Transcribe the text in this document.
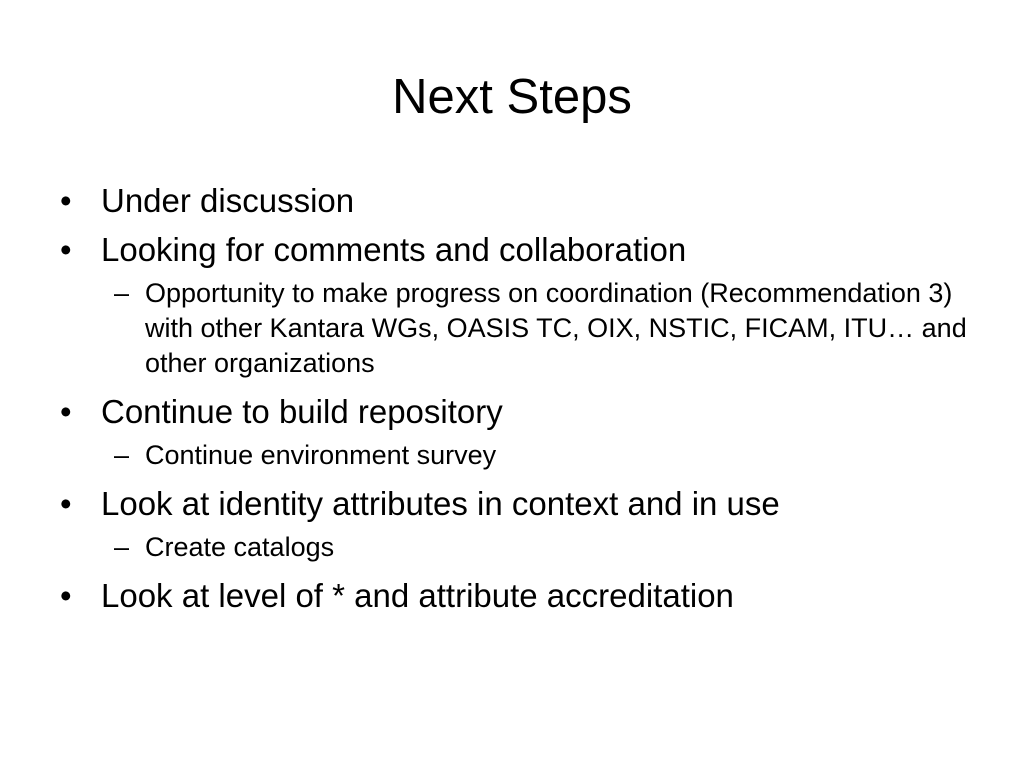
Next Steps
• Under discussion
• Looking for comments and collaboration
– Opportunity to make progress on coordination (Recommendation 3) with other Kantara WGs, OASIS TC, OIX, NSTIC, FICAM, ITU… and other organizations
• Continue to build repository
– Continue environment survey
• Look at identity attributes in context and in use
– Create catalogs
• Look at level of * and attribute accreditation
